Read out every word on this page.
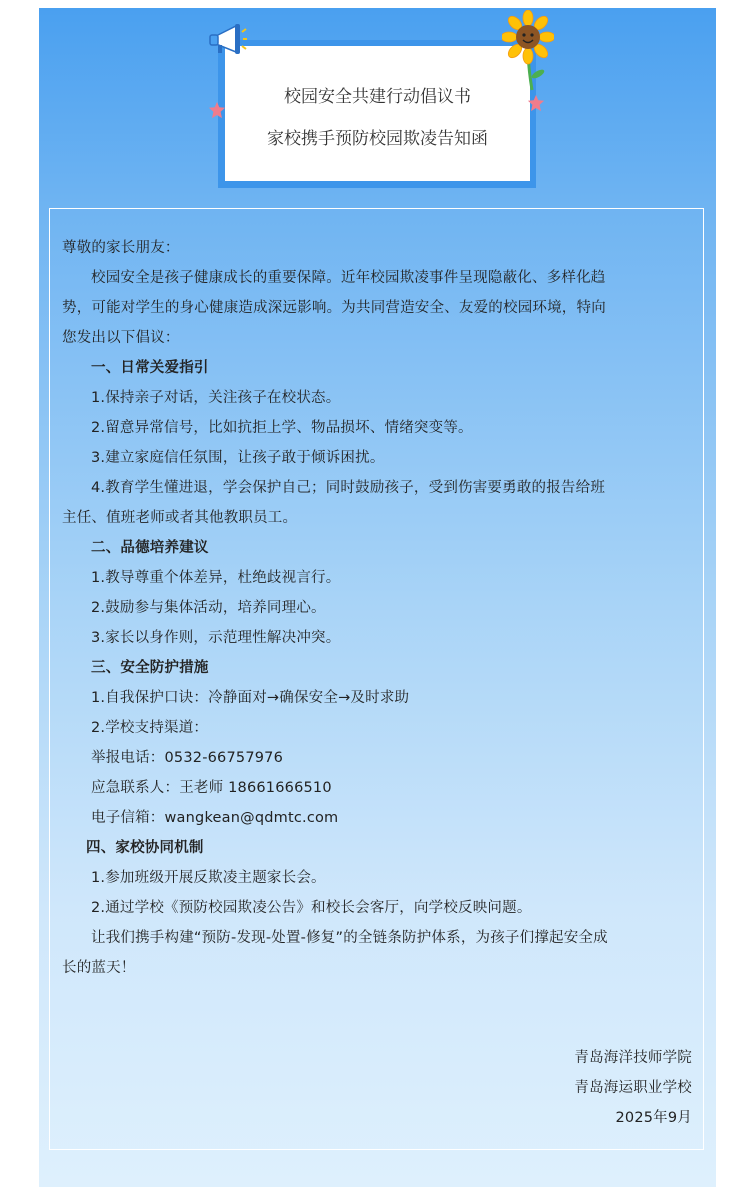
校园安全共建行动倡议书
家校携手预防校园欺凌告知函
尊敬的家长朋友：
校园安全是孩子健康成长的重要保障。近年校园欺凌事件呈现隐蔽化、多样化趋
势，可能对学生的身心健康造成深远影响。为共同营造安全、友爱的校园环境，特向
您发出以下倡议：
一、日常关爱指引
1.保持亲子对话，关注孩子在校状态。
2.留意异常信号，比如抗拒上学、物品损坏、情绪突变等。
3.建立家庭信任氛围，让孩子敢于倾诉困扰。
4.教育学生懂进退，学会保护自己；同时鼓励孩子，受到伤害要勇敢的报告给班
主任、值班老师或者其他教职员工。
二、品德培养建议
1.教导尊重个体差异，杜绝歧视言行。
2.鼓励参与集体活动，培养同理心。
3.家长以身作则，示范理性解决冲突。
三、安全防护措施
1.自我保护口诀：冷静面对→确保安全→及时求助
2.学校支持渠道：
举报电话：0532-66757976
应急联系人：王老师 18661666510
电子信箱：wangkean@qdmtc.com
四、家校协同机制
1.参加班级开展反欺凌主题家长会。
2.通过学校《预防校园欺凌公告》和校长会客厅，向学校反映问题。
让我们携手构建“预防-发现-处置-修复”的全链条防护体系，为孩子们撑起安全成
长的蓝天！
青岛海洋技师学院
青岛海运职业学校
2025年9月
